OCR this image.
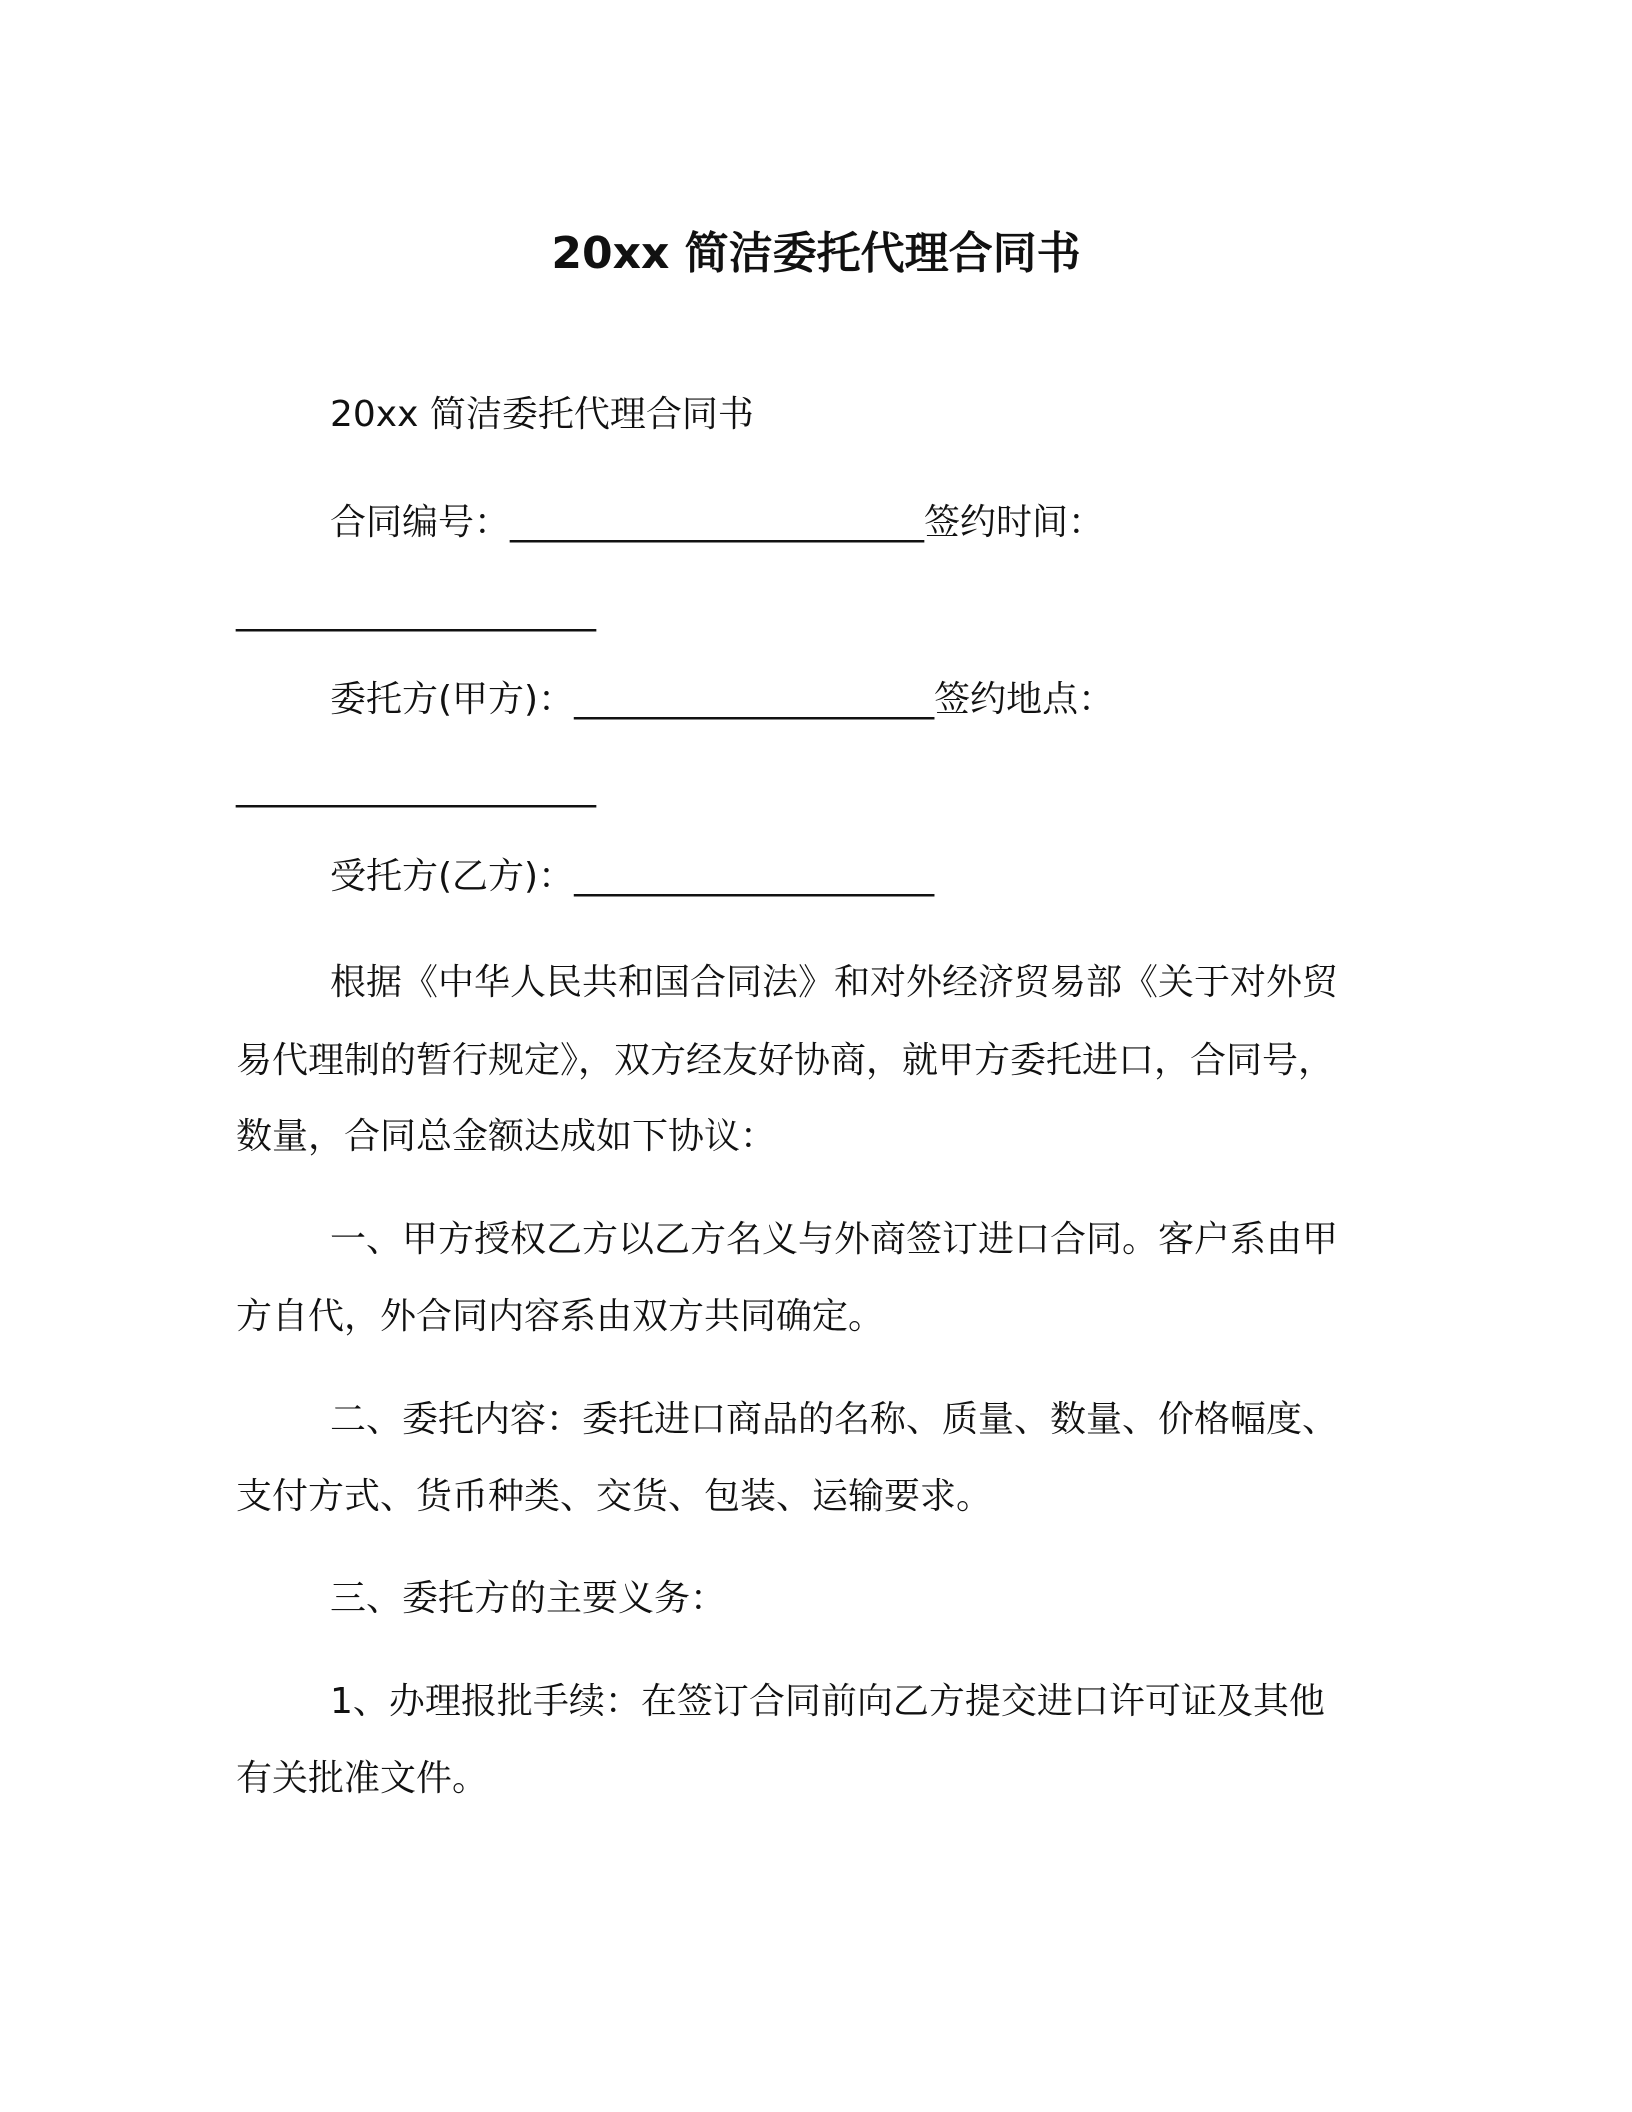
20xx 简洁委托代理合同书
20xx 简洁委托代理合同书
合同编号：_______________________签约时间：
____________________
委托方(甲方)：____________________签约地点：
____________________
受托方(乙方)：____________________
根据《中华人民共和国合同法》和对外经济贸易部《关于对外贸
易代理制的暂行规定》，双方经友好协商，就甲方委托进口，合同号，
数量，合同总金额达成如下协议：
一、甲方授权乙方以乙方名义与外商签订进口合同。客户系由甲
方自代，外合同内容系由双方共同确定。
二、委托内容：委托进口商品的名称、质量、数量、价格幅度、
支付方式、货币种类、交货、包装、运输要求。
三、委托方的主要义务：
1、办理报批手续：在签订合同前向乙方提交进口许可证及其他
有关批准文件。
